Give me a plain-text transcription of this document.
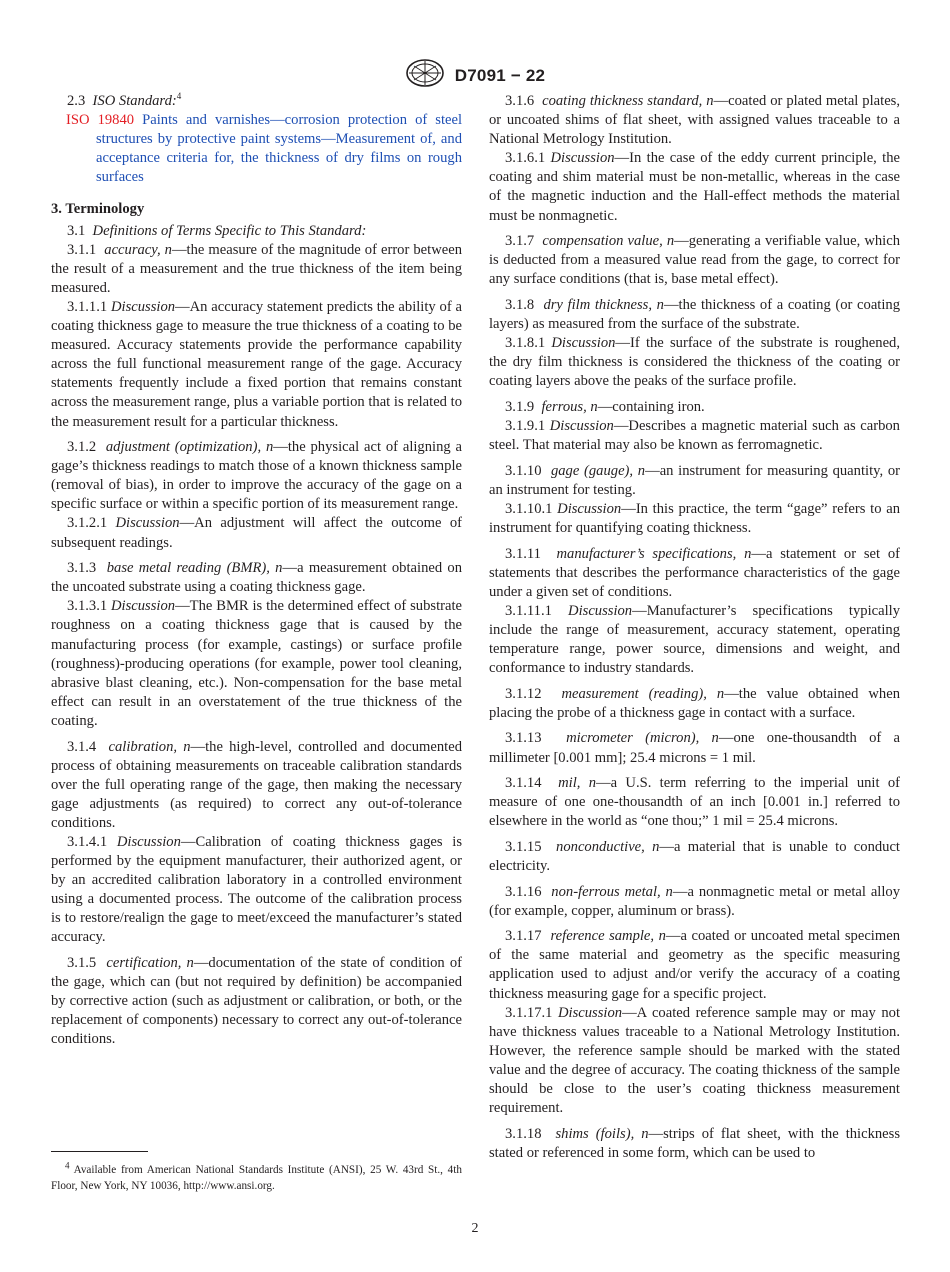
D7091 − 22
2.3 ISO Standard:$^4$
ISO 19840 Paints and varnishes—corrosion protection of steel structures by protective paint systems—Measurement of, and acceptance criteria for, the thickness of dry films on rough surfaces
3. Terminology
3.1 Definitions of Terms Specific to This Standard:
3.1.1 accuracy, n—the measure of the magnitude of error between the result of a measurement and the true thickness of the item being measured.
3.1.1.1 Discussion—An accuracy statement predicts the ability of a coating thickness gage to measure the true thickness of a coating to be measured. Accuracy statements provide the performance capability across the full functional measurement range of the gage. Accuracy statements frequently include a fixed portion that remains constant across the measurement range, plus a variable portion that is related to the measurement result for a particular thickness.
3.1.2 adjustment (optimization), n—the physical act of aligning a gage’s thickness readings to match those of a known thickness sample (removal of bias), in order to improve the accuracy of the gage on a specific surface or within a specific portion of its measurement range.
3.1.2.1 Discussion—An adjustment will affect the outcome of subsequent readings.
3.1.3 base metal reading (BMR), n—a measurement obtained on the uncoated substrate using a coating thickness gage.
3.1.3.1 Discussion—The BMR is the determined effect of substrate roughness on a coating thickness gage that is caused by the manufacturing process (for example, castings) or surface profile (roughness)-producing operations (for example, power tool cleaning, abrasive blast cleaning, etc.). Non-compensation for the base metal effect can result in an overstatement of the true thickness of the coating.
3.1.4 calibration, n—the high-level, controlled and documented process of obtaining measurements on traceable calibration standards over the full operating range of the gage, then making the necessary gage adjustments (as required) to correct any out-of-tolerance conditions.
3.1.4.1 Discussion—Calibration of coating thickness gages is performed by the equipment manufacturer, their authorized agent, or by an accredited calibration laboratory in a controlled environment using a documented process. The outcome of the calibration process is to restore/realign the gage to meet/exceed the manufacturer’s stated accuracy.
3.1.5 certification, n—documentation of the state of condition of the gage, which can (but not required by definition) be accompanied by corrective action (such as adjustment or calibration, or both, or the replacement of components) necessary to correct any out-of-tolerance conditions.
3.1.6 coating thickness standard, n—coated or plated metal plates, or uncoated shims of flat sheet, with assigned values traceable to a National Metrology Institution.
3.1.6.1 Discussion—In the case of the eddy current principle, the coating and shim material must be non-metallic, whereas in the case of the magnetic induction and the Hall-effect methods the material must be nonmagnetic.
3.1.7 compensation value, n—generating a verifiable value, which is deducted from a measured value read from the gage, to correct for any surface conditions (that is, base metal effect).
3.1.8 dry film thickness, n—the thickness of a coating (or coating layers) as measured from the surface of the substrate.
3.1.8.1 Discussion—If the surface of the substrate is roughened, the dry film thickness is considered the thickness of the coating or coating layers above the peaks of the surface profile.
3.1.9 ferrous, n—containing iron.
3.1.9.1 Discussion—Describes a magnetic material such as carbon steel. That material may also be known as ferromagnetic.
3.1.10 gage (gauge), n—an instrument for measuring quantity, or an instrument for testing.
3.1.10.1 Discussion—In this practice, the term “gage” refers to an instrument for quantifying coating thickness.
3.1.11 manufacturer’s specifications, n—a statement or set of statements that describes the performance characteristics of the gage under a given set of conditions.
3.1.11.1 Discussion—Manufacturer’s specifications typically include the range of measurement, accuracy statement, operating temperature range, power source, dimensions and weight, and conformance to industry standards.
3.1.12 measurement (reading), n—the value obtained when placing the probe of a thickness gage in contact with a surface.
3.1.13 micrometer (micron), n—one one-thousandth of a millimeter [0.001 mm]; 25.4 microns = 1 mil.
3.1.14 mil, n—a U.S. term referring to the imperial unit of measure of one one-thousandth of an inch [0.001 in.] referred to elsewhere in the world as “one thou;” 1 mil = 25.4 microns.
3.1.15 nonconductive, n—a material that is unable to conduct electricity.
3.1.16 non-ferrous metal, n—a nonmagnetic metal or metal alloy (for example, copper, aluminum or brass).
3.1.17 reference sample, n—a coated or uncoated metal specimen of the same material and geometry as the specific measuring application used to adjust and/or verify the accuracy of a coating thickness measuring gage for a specific project.
3.1.17.1 Discussion—A coated reference sample may or may not have thickness values traceable to a National Metrology Institution. However, the reference sample should be marked with the stated value and the degree of accuracy. The coating thickness of the sample should be close to the user’s coating thickness measurement requirement.
3.1.18 shims (foils), n—strips of flat sheet, with the thickness stated or referenced in some form, which can be used to
$^4$ Available from American National Standards Institute (ANSI), 25 W. 43rd St., 4th Floor, New York, NY 10036, http://www.ansi.org.
2
